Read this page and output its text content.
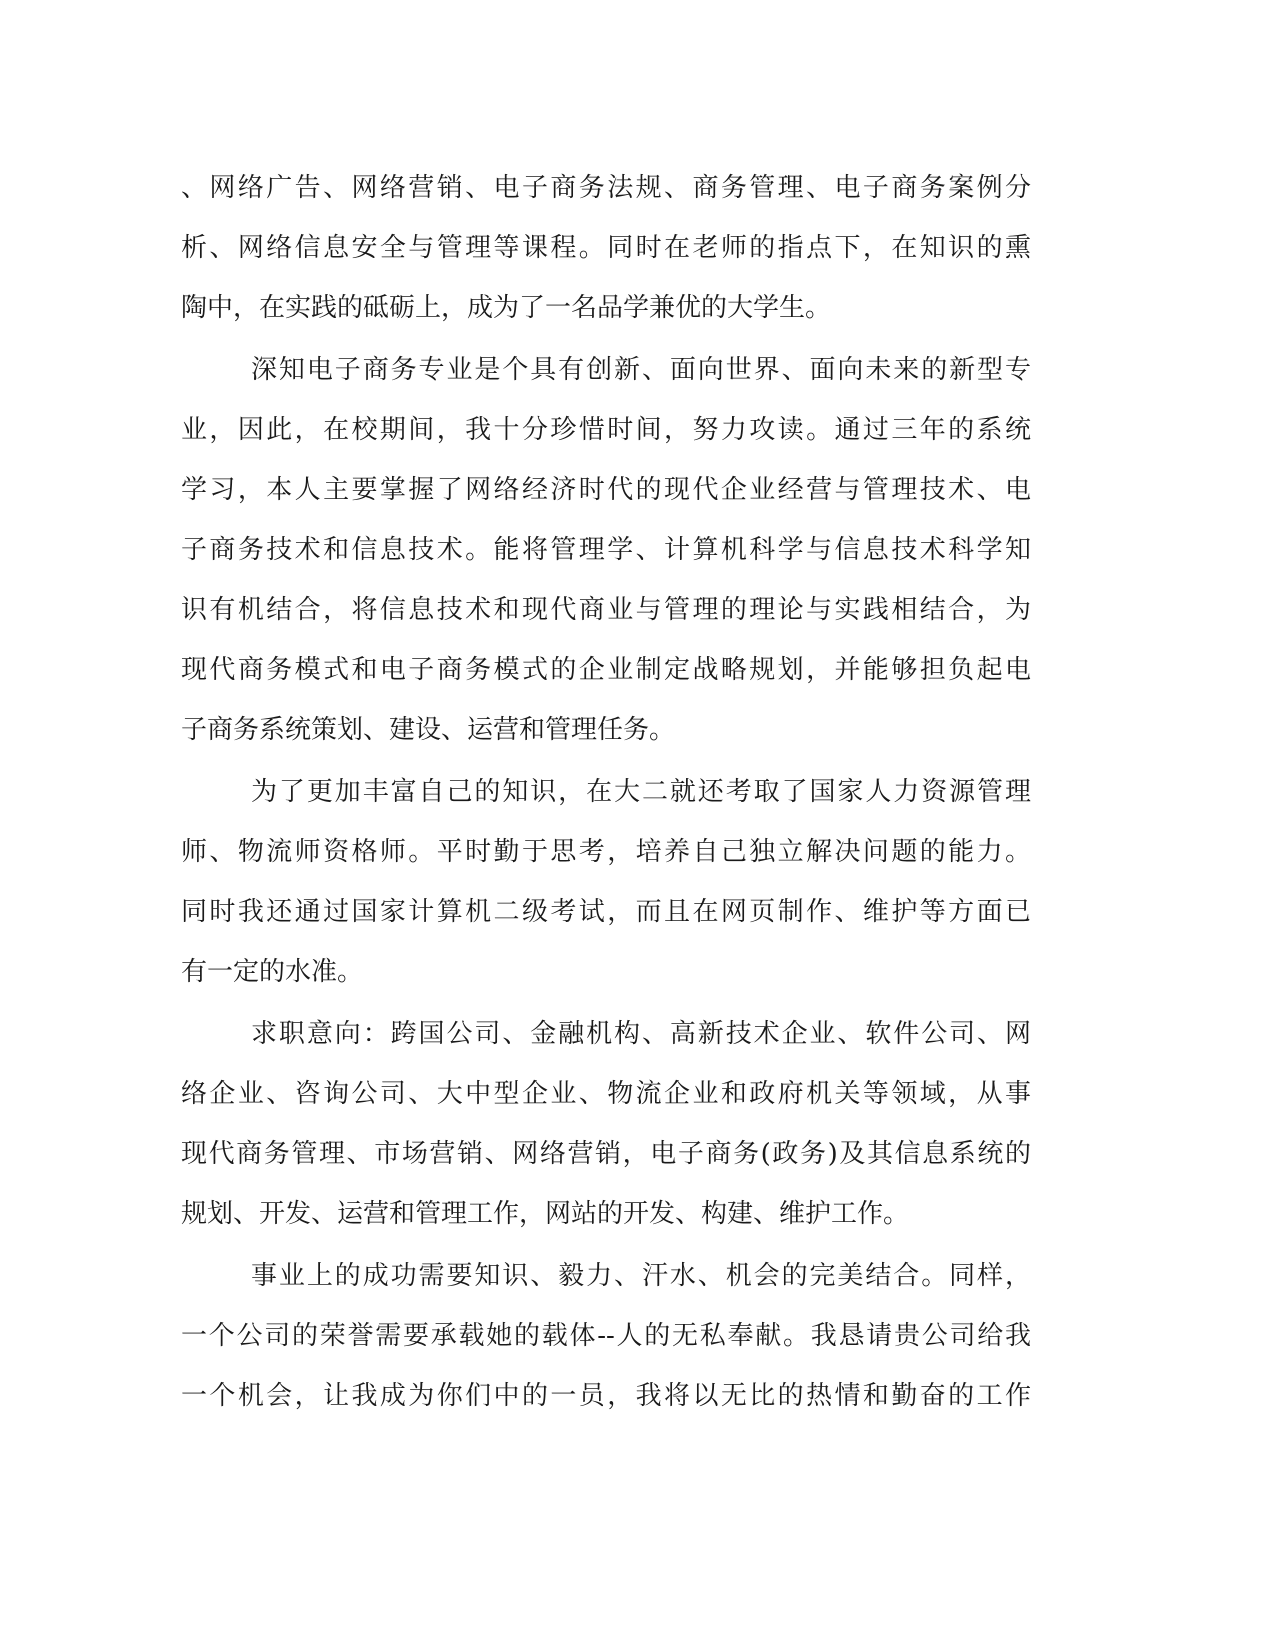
、网络广告、网络营销、电子商务法规、商务管理、电子商务案例分
析、网络信息安全与管理等课程。同时在老师的指点下，在知识的熏
陶中，在实践的砥砺上，成为了一名品学兼优的大学生。
深知电子商务专业是个具有创新、面向世界、面向未来的新型专
业，因此，在校期间，我十分珍惜时间，努力攻读。通过三年的系统
学习，本人主要掌握了网络经济时代的现代企业经营与管理技术、电
子商务技术和信息技术。能将管理学、计算机科学与信息技术科学知
识有机结合，将信息技术和现代商业与管理的理论与实践相结合，为
现代商务模式和电子商务模式的企业制定战略规划，并能够担负起电
子商务系统策划、建设、运营和管理任务。
为了更加丰富自己的知识，在大二就还考取了国家人力资源管理
师、物流师资格师。平时勤于思考，培养自己独立解决问题的能力。
同时我还通过国家计算机二级考试，而且在网页制作、维护等方面已
有一定的水准。
求职意向：跨国公司、金融机构、高新技术企业、软件公司、网
络企业、咨询公司、大中型企业、物流企业和政府机关等领域，从事
现代商务管理、市场营销、网络营销，电子商务(政务)及其信息系统的
规划、开发、运营和管理工作，网站的开发、构建、维护工作。
事业上的成功需要知识、毅力、汗水、机会的完美结合。同样，
一个公司的荣誉需要承载她的载体--人的无私奉献。我恳请贵公司给我
一个机会，让我成为你们中的一员，我将以无比的热情和勤奋的工作
